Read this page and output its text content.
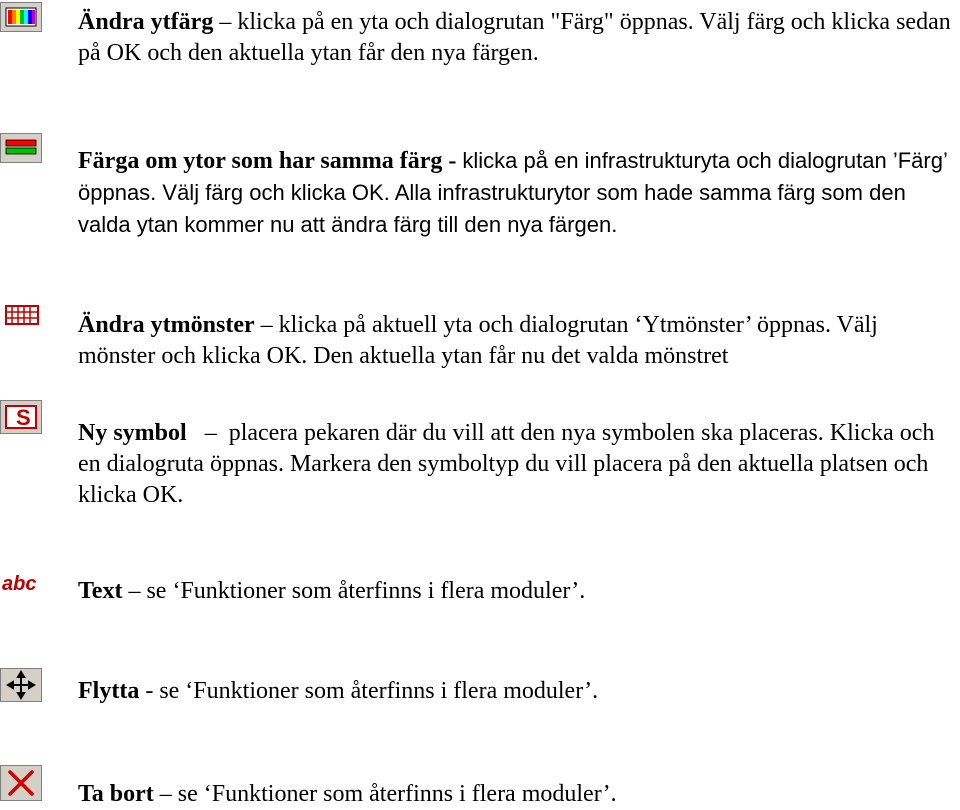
S
abc

Ändra ytfärg – klicka på en yta och dialogrutan "Färg" öppnas. Välj färg och klicka sedan på OK och den aktuella ytan får den nya färgen.

Färga om ytor som har samma färg - klicka på en infrastrukturyta och dialogrutan ’Färg’ öppnas. Välj färg och klicka OK. Alla infrastrukturytor som hade samma färg som den valda ytan kommer nu att ändra färg till den nya färgen.

Ändra ytmönster – klicka på aktuell yta och dialogrutan ‘Ytmönster’ öppnas. Välj mönster och klicka OK. Den aktuella ytan får nu det valda mönstret

Ny symbol   –  placera pekaren där du vill att den nya symbolen ska placeras. Klicka och en dialogruta öppnas. Markera den symboltyp du vill placera på den aktuella platsen och klicka OK.

Text – se ‘Funktioner som återfinns i flera moduler’.

Flytta - se ‘Funktioner som återfinns i flera moduler’.

Ta bort – se ‘Funktioner som återfinns i flera moduler’.
